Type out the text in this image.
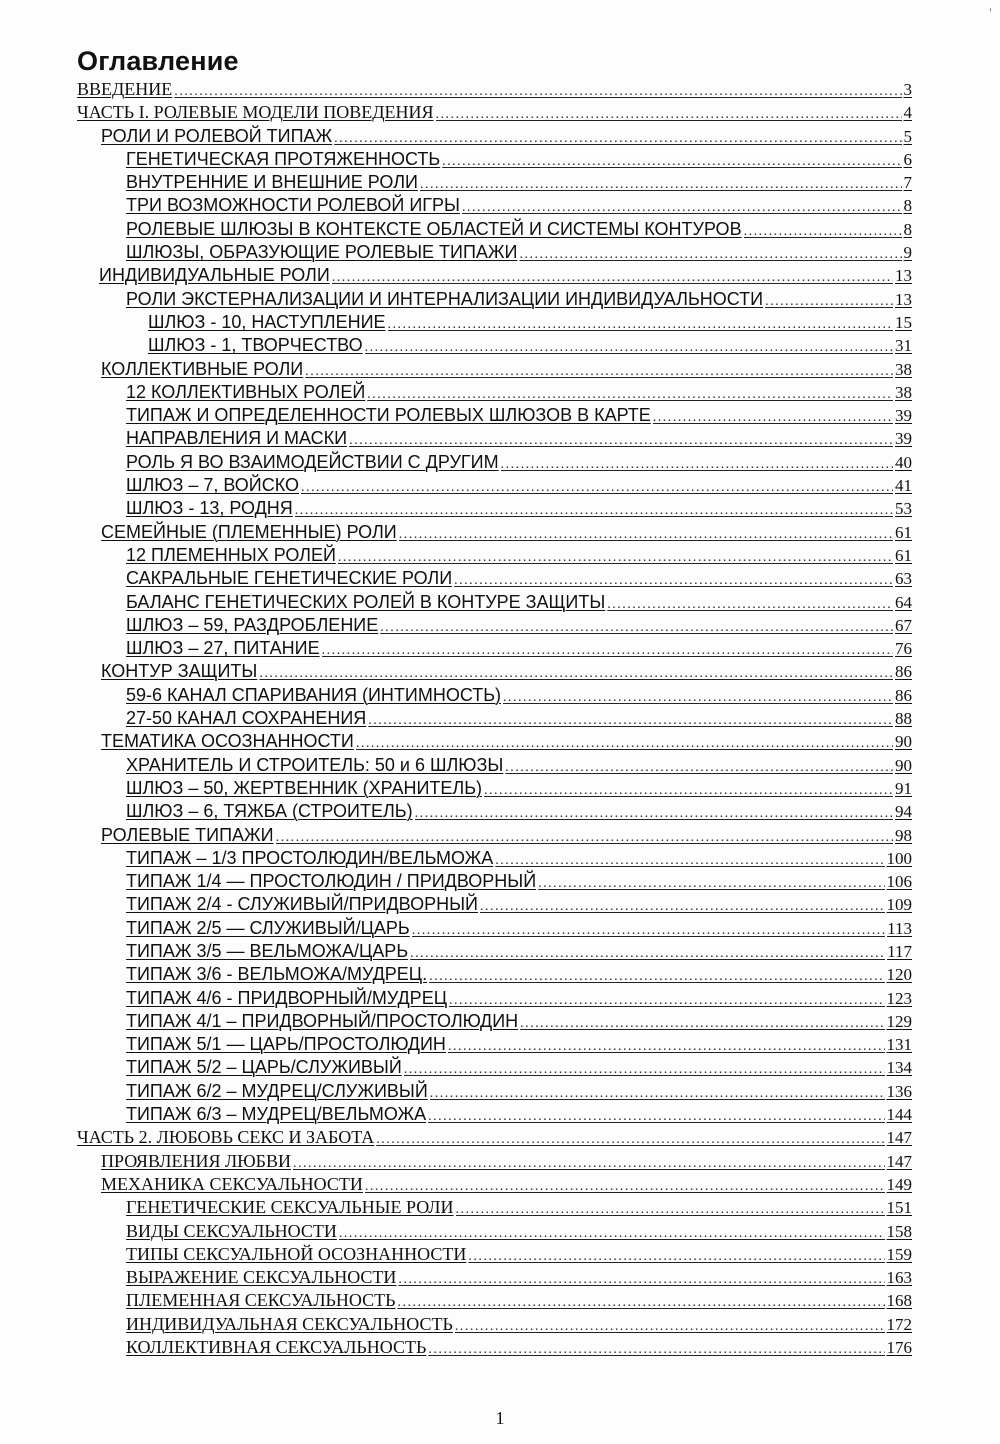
'
Оглавление
ВВЕДЕНИЕ .....	3
ЧАСТЬ I. РОЛЕВЫЕ МОДЕЛИ ПОВЕДЕНИЯ .....	4
РОЛИ И РОЛЕВОЙ ТИПАЖ .....	5
ГЕНЕТИЧЕСКАЯ ПРОТЯЖЕННОСТЬ .....	6
ВНУТРЕННИЕ И ВНЕШНИЕ РОЛИ .....	7
ТРИ ВОЗМОЖНОСТИ РОЛЕВОЙ ИГРЫ .....	8
РОЛЕВЫЕ ШЛЮЗЫ В КОНТЕКСТЕ ОБЛАСТЕЙ И СИСТЕМЫ КОНТУРОВ .....	8
ШЛЮЗЫ, ОБРАЗУЮЩИЕ РОЛЕВЫЕ ТИПАЖИ .....	9
ИНДИВИДУАЛЬНЫЕ РОЛИ .....	13
РОЛИ ЭКСТЕРНАЛИЗАЦИИ И ИНТЕРНАЛИЗАЦИИ ИНДИВИДУАЛЬНОСТИ .....	13
ШЛЮЗ - 10, НАСТУПЛЕНИЕ .....	15
ШЛЮЗ - 1, ТВОРЧЕСТВО .....	31
КОЛЛЕКТИВНЫЕ РОЛИ .....	38
12 КОЛЛЕКТИВНЫХ РОЛЕЙ .....	38
ТИПАЖ И ОПРЕДЕЛЕННОСТИ РОЛЕВЫХ ШЛЮЗОВ В КАРТЕ .....	39
НАПРАВЛЕНИЯ И МАСКИ .....	39
РОЛЬ Я ВО ВЗАИМОДЕЙСТВИИ С ДРУГИМ .....	40
ШЛЮЗ – 7, ВОЙСКО .....	41
ШЛЮЗ - 13, РОДНЯ .....	53
СЕМЕЙНЫЕ (ПЛЕМЕННЫЕ) РОЛИ .....	61
12 ПЛЕМЕННЫХ РОЛЕЙ .....	61
САКРАЛЬНЫЕ ГЕНЕТИЧЕСКИЕ РОЛИ .....	63
БАЛАНС ГЕНЕТИЧЕСКИХ РОЛЕЙ В КОНТУРЕ ЗАЩИТЫ .....	64
ШЛЮЗ – 59, РАЗДРОБЛЕНИЕ .....	67
ШЛЮЗ – 27, ПИТАНИЕ .....	76
КОНТУР ЗАЩИТЫ .....	86
59-6 КАНАЛ СПАРИВАНИЯ (ИНТИМНОСТЬ) .....	86
27-50 КАНАЛ СОХРАНЕНИЯ .....	88
ТЕМАТИКА ОСОЗНАННОСТИ .....	90
ХРАНИТЕЛЬ И СТРОИТЕЛЬ: 50 и 6 ШЛЮЗЫ .....	90
ШЛЮЗ – 50, ЖЕРТВЕННИК (ХРАНИТЕЛЬ) .....	91
ШЛЮЗ – 6, ТЯЖБА (СТРОИТЕЛЬ) .....	94
РОЛЕВЫЕ ТИПАЖИ .....	98
ТИПАЖ – 1/3 ПРОСТОЛЮДИН/ВЕЛЬМОЖА .....	100
ТИПАЖ 1/4 — ПРОСТОЛЮДИН / ПРИДВОРНЫЙ .....	106
ТИПАЖ 2/4 - СЛУЖИВЫЙ/ПРИДВОРНЫЙ .....	109
ТИПАЖ 2/5 — СЛУЖИВЫЙ/ЦАРЬ .....	113
ТИПАЖ 3/5 — ВЕЛЬМОЖА/ЦАРЬ .....	117
ТИПАЖ 3/6 - ВЕЛЬМОЖА/МУДРЕЦ. .....	120
ТИПАЖ 4/6 - ПРИДВОРНЫЙ/МУДРЕЦ .....	123
ТИПАЖ 4/1 – ПРИДВОРНЫЙ/ПРОСТОЛЮДИН .....	129
ТИПАЖ 5/1 — ЦАРЬ/ПРОСТОЛЮДИН .....	131
ТИПАЖ 5/2 – ЦАРЬ/СЛУЖИВЫЙ .....	134
ТИПАЖ 6/2 – МУДРЕЦ/СЛУЖИВЫЙ .....	136
ТИПАЖ 6/3 – МУДРЕЦ/ВЕЛЬМОЖА .....	144
ЧАСТЬ 2. ЛЮБОВЬ СЕКС И ЗАБОТА .....	147
ПРОЯВЛЕНИЯ ЛЮБВИ .....	147
МЕХАНИКА СЕКСУАЛЬНОСТИ .....	149
ГЕНЕТИЧЕСКИЕ СЕКСУАЛЬНЫЕ РОЛИ .....	151
ВИДЫ СЕКСУАЛЬНОСТИ .....	158
ТИПЫ СЕКСУАЛЬНОЙ ОСОЗНАННОСТИ .....	159
ВЫРАЖЕНИЕ СЕКСУАЛЬНОСТИ .....	163
ПЛЕМЕННАЯ СЕКСУАЛЬНОСТЬ .....	168
ИНДИВИДУАЛЬНАЯ СЕКСУАЛЬНОСТЬ .....	172
КОЛЛЕКТИВНАЯ СЕКСУАЛЬНОСТЬ .....	176
1
